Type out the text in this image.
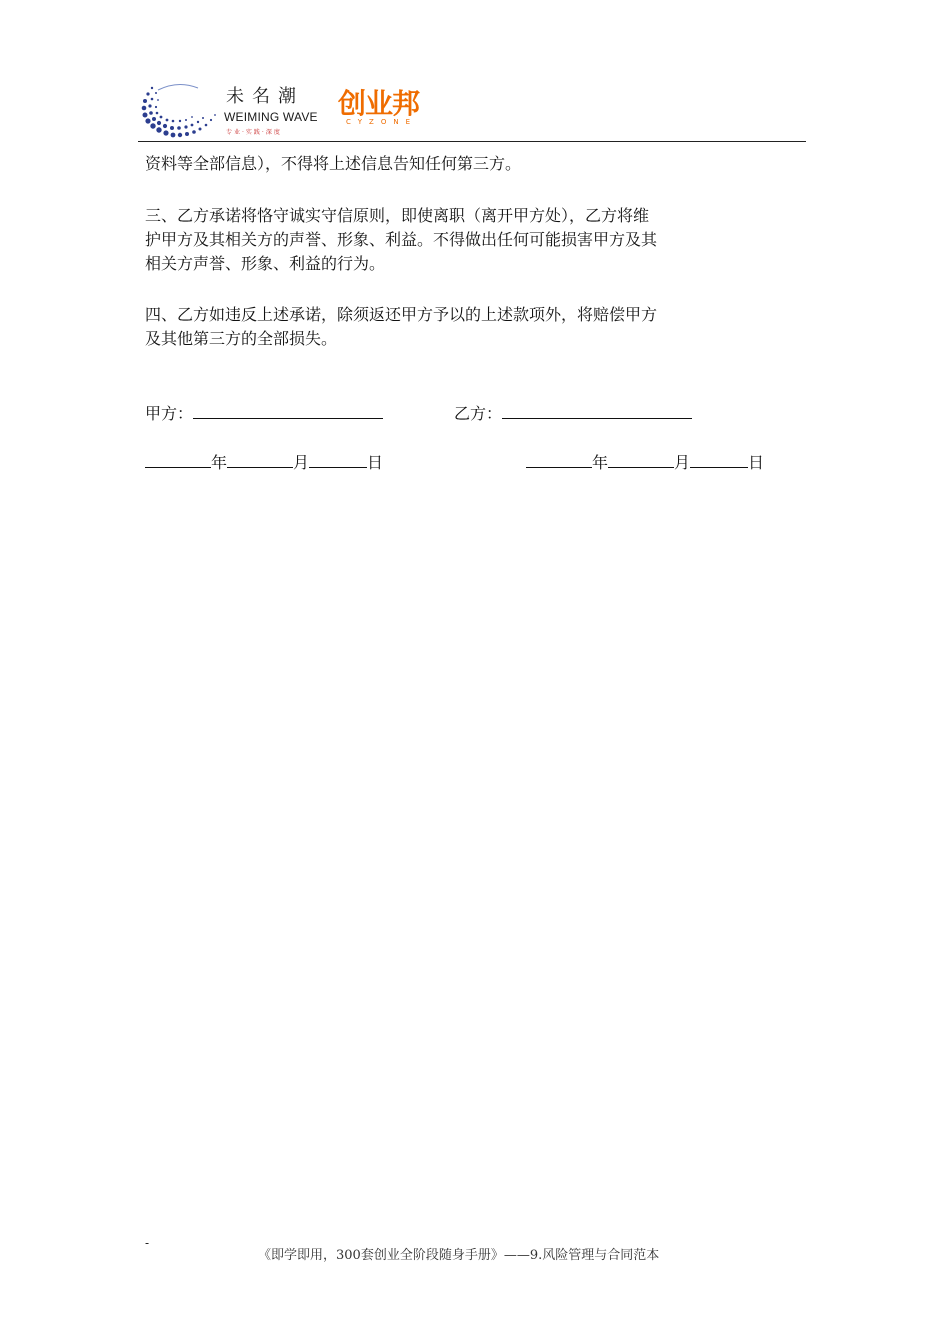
未名潮
WEIMING WAVE
专业·实践·深度
创业邦
CYZONE

资料等全部信息），不得将上述信息告知任何第三方。

三、乙方承诺将恪守诚实守信原则，即使离职（离开甲方处），乙方将维
护甲方及其相关方的声誉、形象、利益。不得做出任何可能损害甲方及其
相关方声誉、形象、利益的行为。

四、乙方如违反上述承诺，除须返还甲方予以的上述款项外，将赔偿甲方
及其他第三方的全部损失。

甲方：	乙方：
年	月	日	年	月	日
-
《即学即用，300套创业全阶段随身手册》——9.风险管理与合同范本
